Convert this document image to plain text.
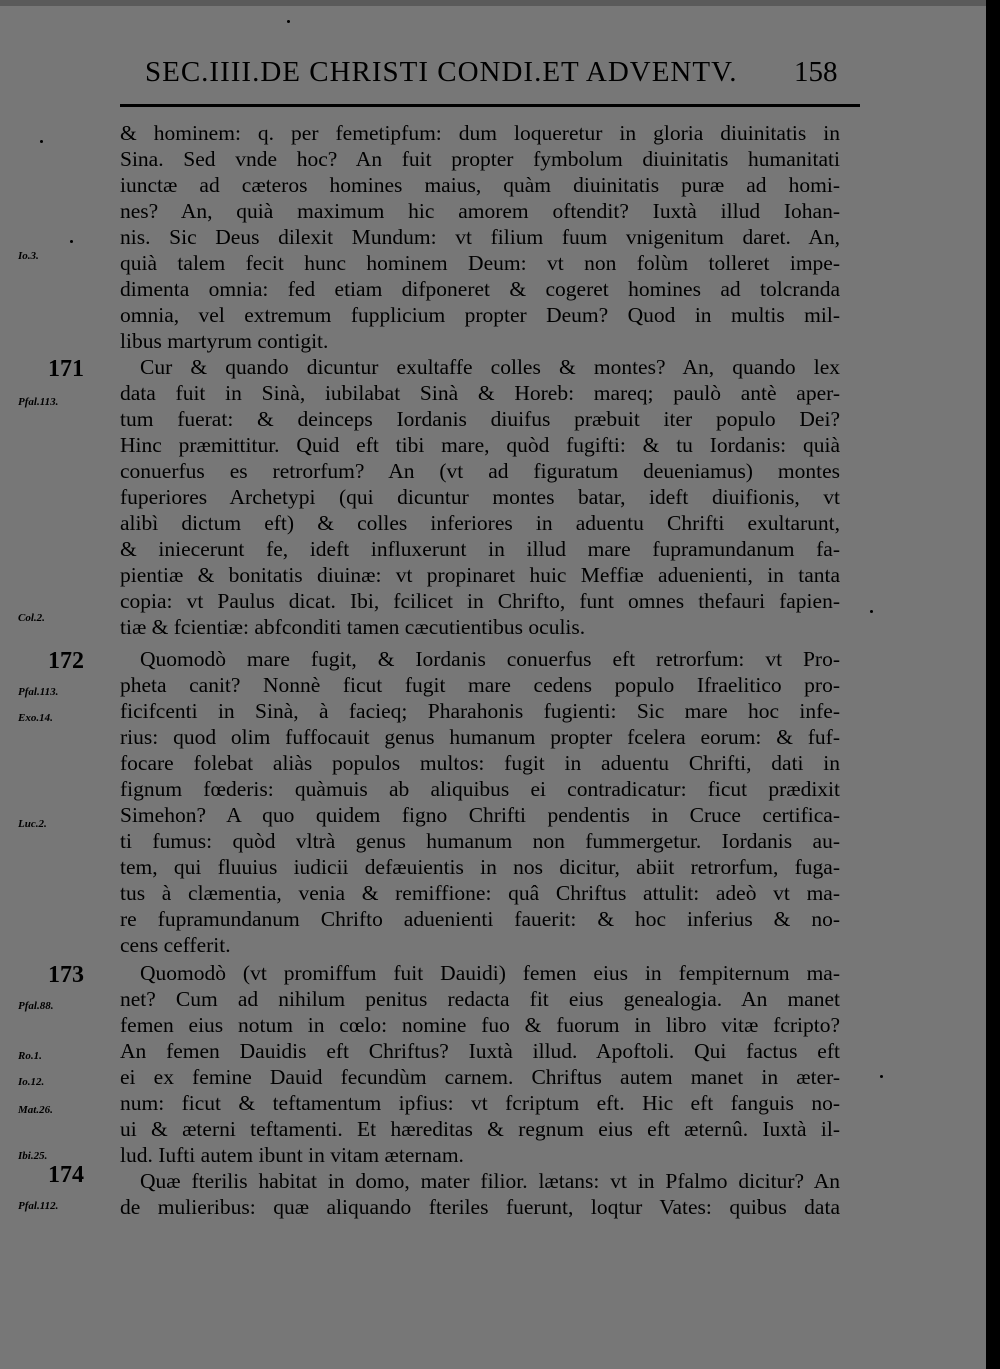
SEC.IIII.DE CHRISTI CONDI.ET ADVENTV.	158
& hominem: q. per femetipfum: dum loqueretur in gloria diuinitatis in
Sina. Sed vnde hoc? An fuit propter fymbolum diuinitatis humanitati
iunctæ ad cæteros homines maius, quàm diuinitatis puræ ad homi-
nes? An, quià maximum hic amorem oftendit? Iuxtà illud Iohan-
nis. Sic Deus dilexit Mundum: vt filium fuum vnigenitum daret. An,
quià talem fecit hunc hominem Deum: vt non folùm tolleret impe-
dimenta omnia: fed etiam difponeret & cogeret homines ad tolcranda
omnia, vel extremum fupplicium propter Deum? Quod in multis mil-
libus martyrum contigit.
171	Cur & quando dicuntur exultaffe colles & montes? An, quando lex
data fuit in Sinà, iubilabat Sinà & Horeb: mareq; paulò antè aper-
tum fuerat: & deinceps Iordanis diuifus præbuit iter populo Dei?
Hinc præmittitur. Quid eft tibi mare, quòd fugifti: & tu Iordanis: quià
conuerfus es retrorfum? An (vt ad figuratum deueniamus) montes
fuperiores Archetypi (qui dicuntur montes batar, ideft diuifionis, vt
alibì dictum eft) & colles inferiores in aduentu Chrifti exultarunt,
& iniecerunt fe, ideft influxerunt in illud mare fupramundanum fa-
pientiæ & bonitatis diuinæ: vt propinaret huic Meffiæ aduenienti, in tanta
copia: vt Paulus dicat. Ibi, fcilicet in Chrifto, funt omnes thefauri fapien-
tiæ & fcientiæ: abfconditi tamen cæcutientibus oculis.
172	Quomodò mare fugit, & Iordanis conuerfus eft retrorfum: vt Pro-
pheta canit? Nonnè ficut fugit mare cedens populo Ifraelitico pro-
ficifcenti in Sinà, à facieq; Pharahonis fugienti: Sic mare hoc infe-
rius: quod olim fuffocauit genus humanum propter fcelera eorum: & fuf-
focare folebat aliàs populos multos: fugit in aduentu Chrifti, dati in
fignum fœderis: quàmuis ab aliquibus ei contradicatur: ficut prædixit
Simehon? A quo quidem figno Chrifti pendentis in Cruce certifica-
ti fumus: quòd vltrà genus humanum non fummergetur. Iordanis au-
tem, qui fluuius iudicii defæuientis in nos dicitur, abiit retrorfum, fuga-
tus à clæmentia, venia & remiffione: quâ Chriftus attulit: adeò vt ma-
re fupramundanum Chrifto aduenienti fauerit: & hoc inferius & no-
cens cefferit.
173	Quomodò (vt promiffum fuit Dauidi) femen eius in fempiternum ma-
net? Cum ad nihilum penitus redacta fit eius genealogia. An manet
femen eius notum in cœlo: nomine fuo & fuorum in libro vitæ fcripto?
An femen Dauidis eft Chriftus? Iuxtà illud. Apoftoli. Qui factus eft
ei ex femine Dauid fecundùm carnem. Chriftus autem manet in æter-
num: ficut & teftamentum ipfius: vt fcriptum eft. Hic eft fanguis no-
ui & æterni teftamenti. Et hæreditas & regnum eius eft æternû. Iuxtà il-
lud. Iufti autem ibunt in vitam æternam.
174	Quæ fterilis habitat in domo, mater filior. lætans: vt in Pfalmo dicitur? An
de mulieribus: quæ aliquando fteriles fuerunt, loqtur Vates: quibus data
Io.3.
Pfal.113.
Col.2.
Pfal.113.
Exo.14.
Luc.2.
Pfal.88.
Ro.1.
Io.12.
Mat.26.
Ibi.25.
Pfal.112.
